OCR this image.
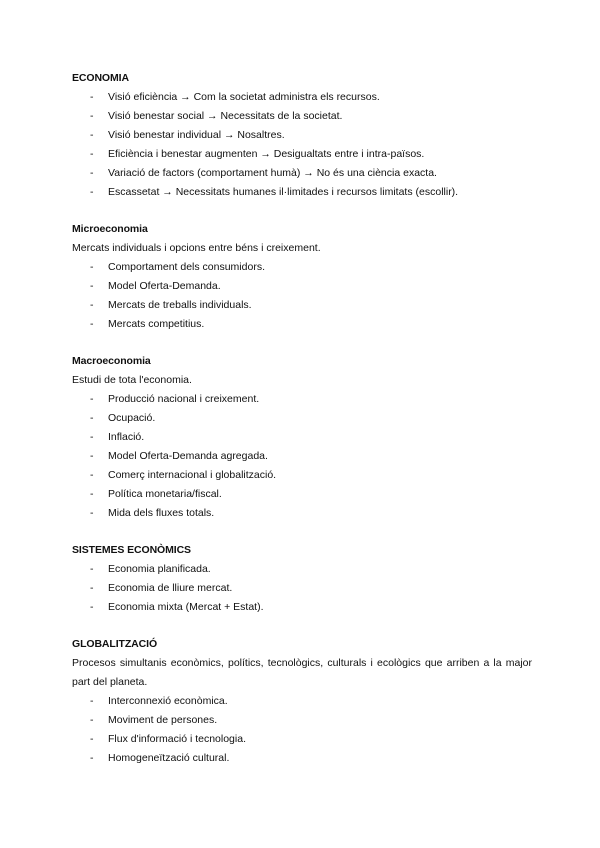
ECONOMIA
- Visió eficiència → Com la societat administra els recursos.
- Visió benestar social → Necessitats de la societat.
- Visió benestar individual → Nosaltres.
- Eficiència i benestar augmenten → Desigualtats entre i intra-països.
- Variació de factors (comportament humà) → No és una ciència exacta.
- Escassetat → Necessitats humanes il·limitades i recursos limitats (escollir).
Microeconomia
Mercats individuals i opcions entre béns i creixement.
- Comportament dels consumidors.
- Model Oferta-Demanda.
- Mercats de treballs individuals.
- Mercats competitius.
Macroeconomia
Estudi de tota l'economia.
- Producció nacional i creixement.
- Ocupació.
- Inflació.
- Model Oferta-Demanda agregada.
- Comerç internacional i globalització.
- Política monetaria/fiscal.
- Mida dels fluxes totals.
SISTEMES ECONÒMICS
- Economia planificada.
- Economia de lliure mercat.
- Economia mixta (Mercat + Estat).
GLOBALITZACIÓ
Procesos simultanis econòmics, polítics, tecnològics, culturals i ecològics que arriben a la major part del planeta.
- Interconnexió econòmica.
- Moviment de persones.
- Flux d'informació i tecnologia.
- Homogeneïtzació cultural.
